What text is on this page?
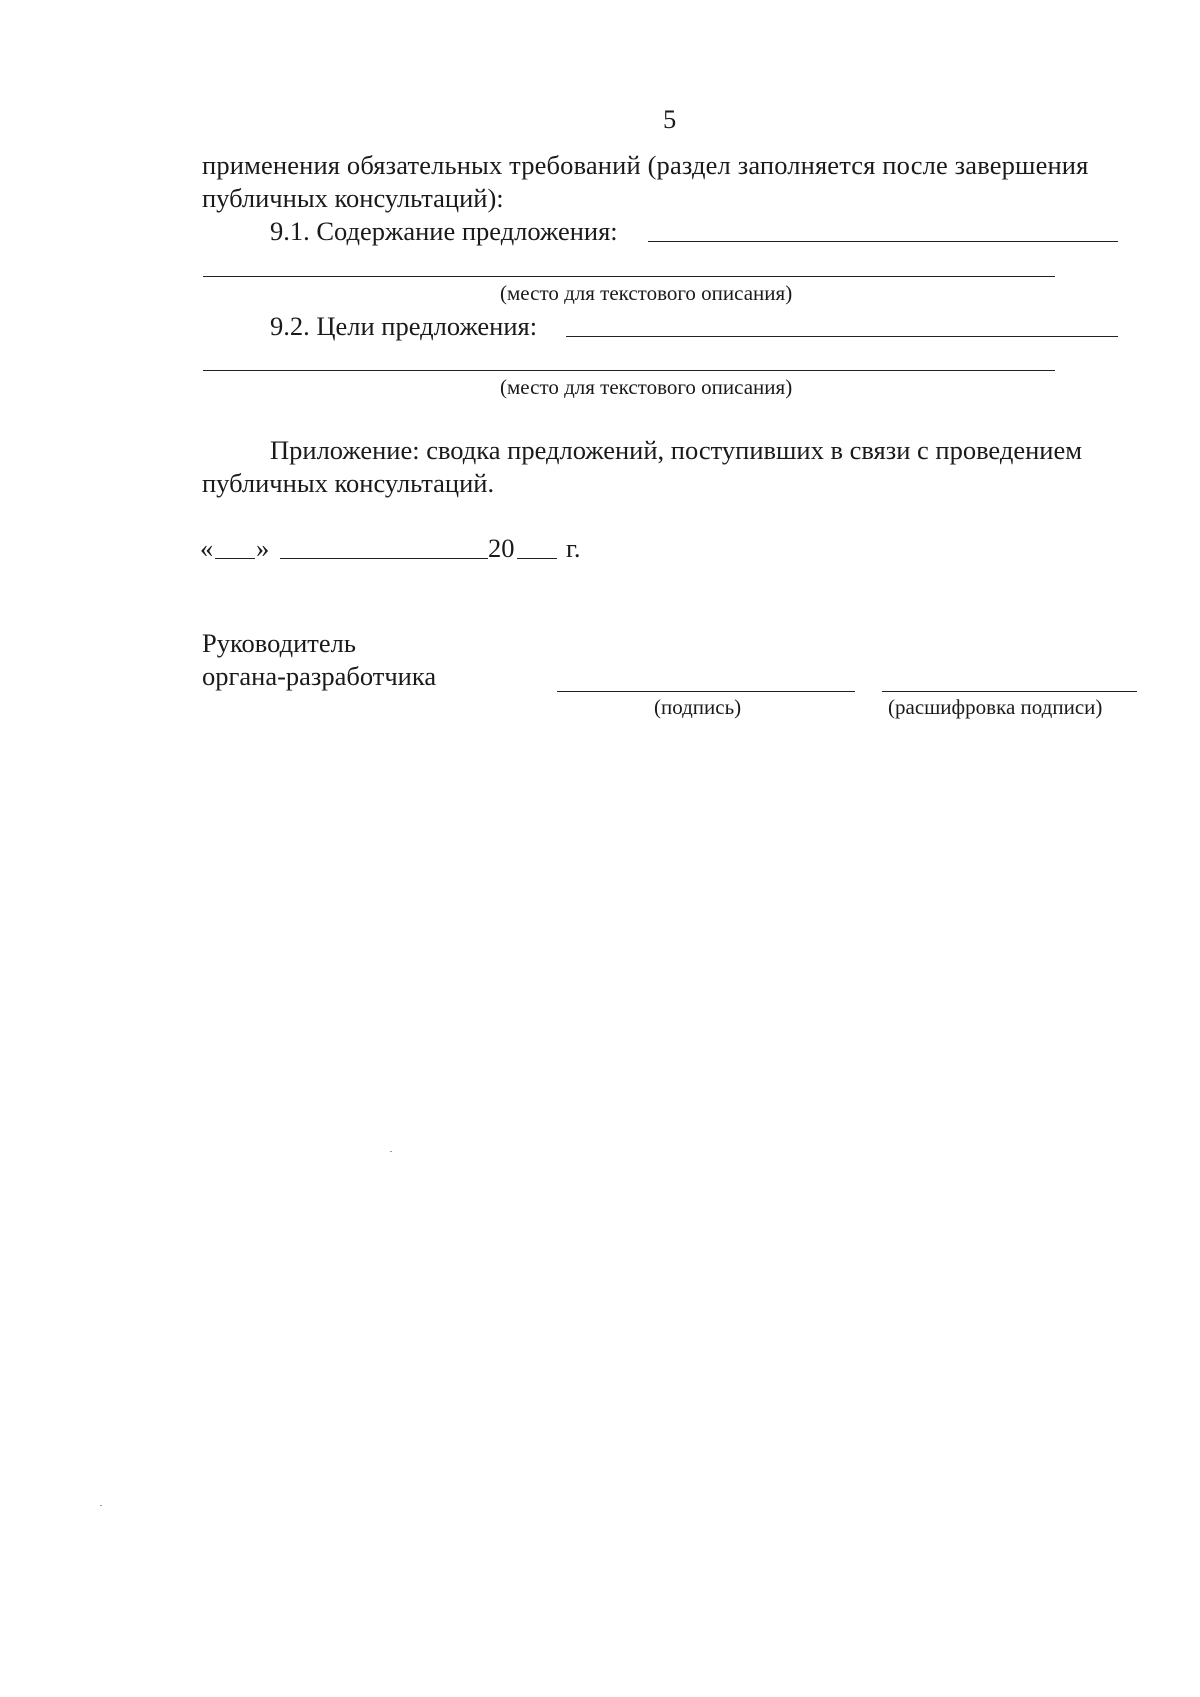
5
применения обязательных требований (раздел заполняется после завершения
публичных консультаций):
9.1. Содержание предложения:
(место для текстового описания)
9.2. Цели предложения:
(место для текстового описания)
Приложение: сводка предложений, поступивших в связи с проведением
публичных консультаций.
« »	20 г.
Руководитель
органа-разработчика
(подпись)	(расшифровка подписи)
